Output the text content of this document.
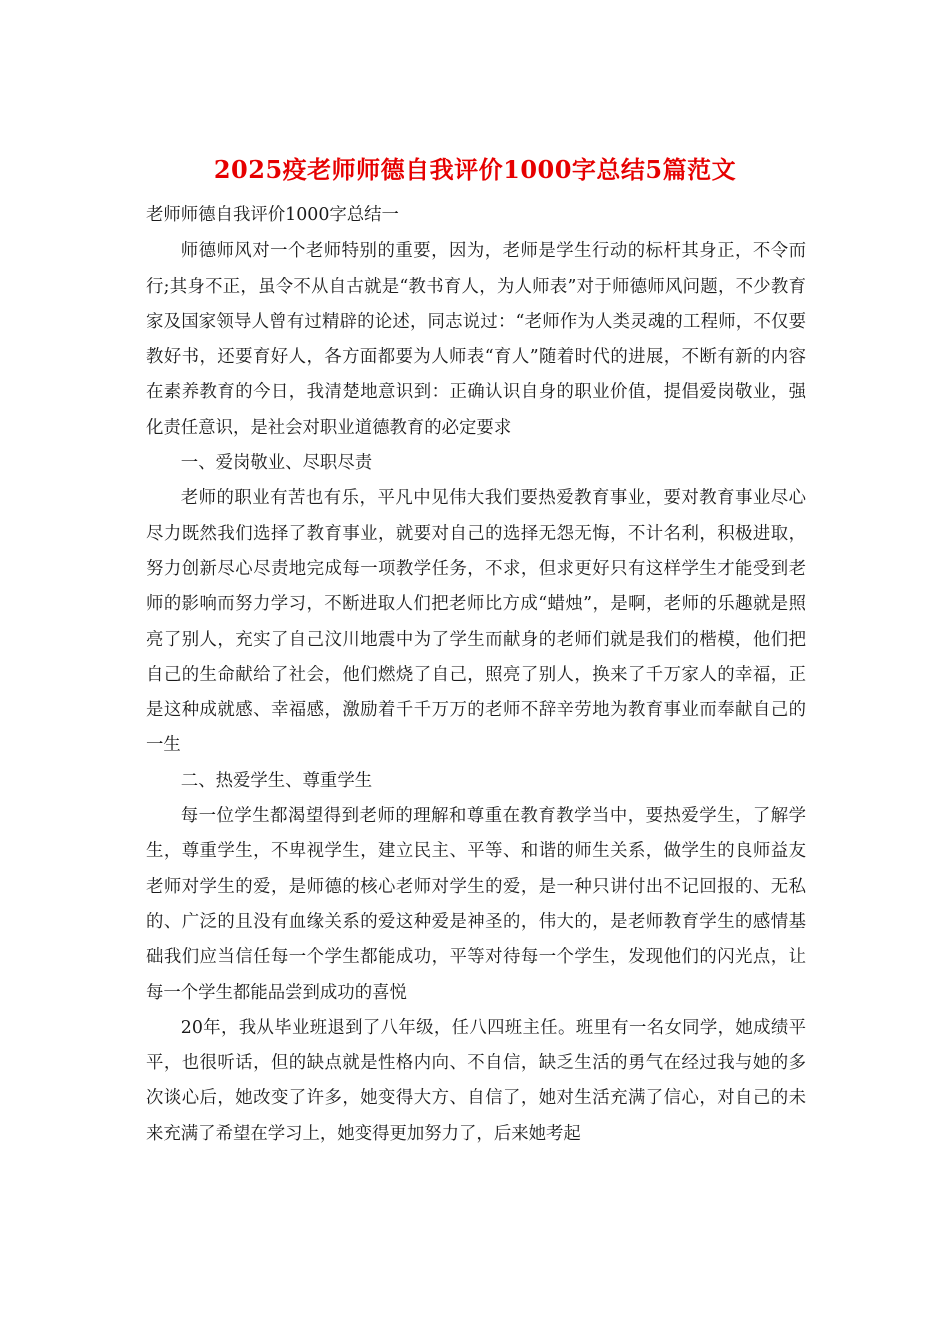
2025疫老师师德自我评价1000字总结5篇范文

老师师德自我评价1000字总结一

师德师风对一个老师特别的重要，因为，老师是学生行动的标杆其身正，不令而行;其身不正，虽令不从自古就是“教书育人，为人师表”对于师德师风问题，不少教育家及国家领导人曾有过精辟的论述，同志说过：“老师作为人类灵魂的工程师，不仅要教好书，还要育好人，各方面都要为人师表“育人”随着时代的进展，不断有新的内容在素养教育的今日，我清楚地意识到：正确认识自身的职业价值，提倡爱岗敬业，强化责任意识，是社会对职业道德教育的必定要求

一、爱岗敬业、尽职尽责

老师的职业有苦也有乐，平凡中见伟大我们要热爱教育事业，要对教育事业尽心尽力既然我们选择了教育事业，就要对自己的选择无怨无悔，不计名利，积极进取，努力创新尽心尽责地完成每一项教学任务，不求，但求更好只有这样学生才能受到老师的影响而努力学习，不断进取人们把老师比方成“蜡烛”，是啊，老师的乐趣就是照亮了别人，充实了自己汶川地震中为了学生而献身的老师们就是我们的楷模，他们把自己的生命献给了社会，他们燃烧了自己，照亮了别人，换来了千万家人的幸福，正是这种成就感、幸福感，激励着千千万万的老师不辞辛劳地为教育事业而奉献自己的一生

二、热爱学生、尊重学生

每一位学生都渴望得到老师的理解和尊重在教育教学当中，要热爱学生，了解学生，尊重学生，不卑视学生，建立民主、平等、和谐的师生关系，做学生的良师益友老师对学生的爱，是师德的核心老师对学生的爱，是一种只讲付出不记回报的、无私的、广泛的且没有血缘关系的爱这种爱是神圣的，伟大的，是老师教育学生的感情基础我们应当信任每一个学生都能成功，平等对待每一个学生，发现他们的闪光点，让每一个学生都能品尝到成功的喜悦

20年，我从毕业班退到了八年级，任八四班主任。班里有一名女同学，她成绩平平，也很听话，但的缺点就是性格内向、不自信，缺乏生活的勇气在经过我与她的多次谈心后，她改变了许多，她变得大方、自信了，她对生活充满了信心，对自己的未来充满了希望在学习上，她变得更加努力了，后来她考起
